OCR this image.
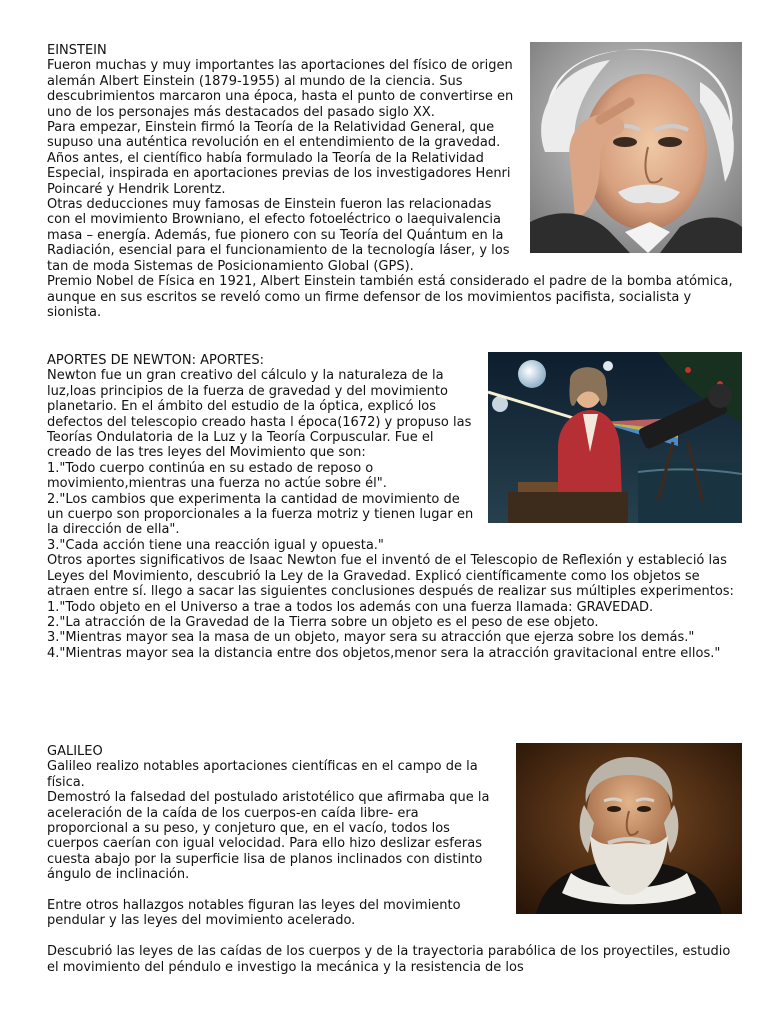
EINSTEIN

Fueron muchas y muy importantes las aportaciones del físico de origen alemán Albert Einstein (1879-1955) al mundo de la ciencia. Sus descubrimientos marcaron una época, hasta el punto de convertirse en uno de los personajes más destacados del pasado siglo XX.

Para empezar, Einstein firmó la Teoría de la Relatividad General, que supuso una auténtica revolución en el entendimiento de la gravedad. Años antes, el científico había formulado la Teoría de la Relatividad Especial, inspirada en aportaciones previas de los investigadores Henri Poincaré y Hendrik Lorentz.

Otras deducciones muy famosas de Einstein fueron las relacionadas con el movimiento Browniano, el efecto fotoeléctrico o laequivalencia masa – energía. Además, fue pionero con su Teoría del Quántum en la Radiación, esencial para el funcionamiento de la tecnología láser, y los tan de moda Sistemas de Posicionamiento Global (GPS).

Premio Nobel de Física en 1921, Albert Einstein también está considerado el padre de la bomba atómica, aunque en sus escritos se reveló como un firme defensor de los movimientos pacifista, socialista y sionista.

APORTES DE NEWTON: APORTES:

Newton fue un gran creativo del cálculo y la naturaleza de la luz,loas principios de la fuerza de gravedad y del movimiento planetario. En el ámbito del estudio de la óptica, explicó los defectos del telescopio creado hasta l época(1672) y propuso las Teorías Ondulatoria de la Luz y la Teoría Corpuscular. Fue el creado de las tres leyes del Movimiento que son:

1."Todo cuerpo continúa en su estado de reposo o movimiento,mientras una fuerza no actúe sobre él".

2."Los cambios que experimenta la cantidad de movimiento de un cuerpo son proporcionales a la fuerza motriz y tienen lugar en la dirección de ella".

3."Cada acción tiene una reacción igual y opuesta."

Otros aportes significativos de Isaac Newton fue el inventó de el Telescopio de Reflexión y estableció las Leyes del Movimiento, descubrió la Ley de la Gravedad. Explicó científicamente como los objetos se atraen entre sí. llego a sacar las siguientes conclusiones después de realizar sus múltiples experimentos:

1."Todo objeto en el Universo a trae a todos los además con una fuerza llamada: GRAVEDAD.

2."La atracción de la Gravedad de la Tierra sobre un objeto es el peso de ese objeto.

3."Mientras mayor sea la masa de un objeto, mayor sera su atracción que ejerza sobre los demás."

4."Mientras mayor sea la distancia entre dos objetos,menor sera la atracción gravitacional entre ellos."

GALILEO

Galileo realizo notables aportaciones científicas en el campo de la física.

Demostró la falsedad del postulado aristotélico que afirmaba que la aceleración de la caída de los cuerpos-en caída libre- era proporcional a su peso, y conjeturo que, en el vacío, todos los cuerpos caerían con igual velocidad. Para ello hizo deslizar esferas cuesta abajo por la superficie lisa de planos inclinados con distinto ángulo de inclinación.

Entre otros hallazgos notables figuran las leyes del movimiento pendular y las leyes del movimiento acelerado.

Descubrió las leyes de las caídas de los cuerpos y de la trayectoria parabólica de los proyectiles, estudio el movimiento del péndulo e investigo la mecánica y la resistencia de los
